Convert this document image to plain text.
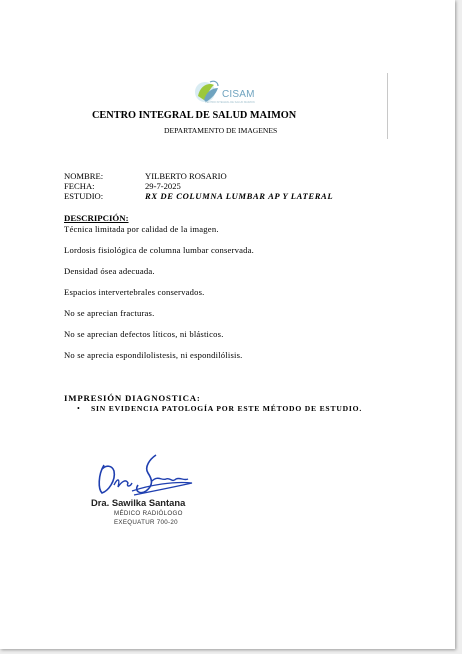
CISAM
CENTRO INTEGRAL DE SALUD MAIMON
CENTRO INTEGRAL DE SALUD MAIMON
DEPARTAMENTO DE IMAGENES
NOMBRE:	YILBERTO ROSARIO
FECHA:	29-7-2025
ESTUDIO:	RX DE COLUMNA LUMBAR AP Y LATERAL
DESCRIPCIÓN:
Técnica limitada por calidad de la imagen.
Lordosis fisiológica de columna lumbar conservada.
Densidad ósea adecuada.
Espacios intervertebrales conservados.
No se aprecian fracturas.
No se aprecian defectos líticos, ni blásticos.
No se aprecia espondilolistesis, ni espondilólisis.
IMPRESIÓN DIAGNOSTICA:
• SIN EVIDENCIA PATOLOGÍA POR ESTE MÉTODO DE ESTUDIO.
Dra. Sawilka Santana
MÉDICO RADIÓLOGO
EXEQUATUR 700-20
